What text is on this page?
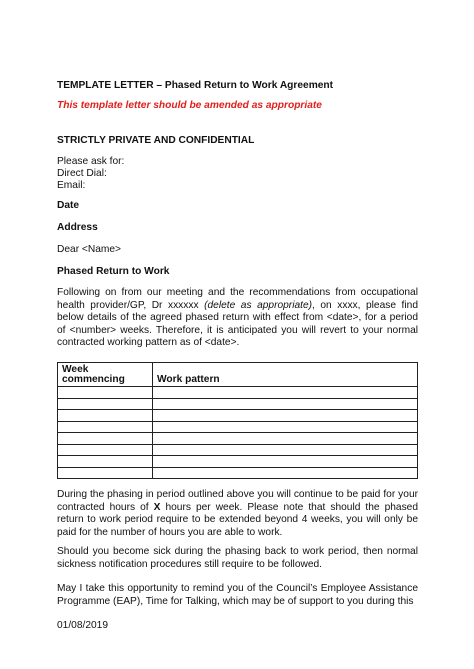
TEMPLATE LETTER – Phased Return to Work Agreement
This template letter should be amended as appropriate
STRICTLY PRIVATE AND CONFIDENTIAL
Please ask for:
Direct Dial:
Email:
Date
Address
Dear <Name>
Phased Return to Work
Following on from our meeting and the recommendations from occupational health provider/GP, Dr xxxxxx (delete as appropriate), on xxxx, please find below details of the agreed phased return with effect from <date>, for a period of <number> weeks. Therefore, it is anticipated you will revert to your normal contracted working pattern as of <date>.
Week commencing	Work pattern

During the phasing in period outlined above you will continue to be paid for your contracted hours of X hours per week. Please note that should the phased return to work period require to be extended beyond 4 weeks, you will only be paid for the number of hours you are able to work.
Should you become sick during the phasing back to work period, then normal sickness notification procedures still require to be followed.
May I take this opportunity to remind you of the Council’s Employee Assistance Programme (EAP), Time for Talking, which may be of support to you during this
01/08/2019
